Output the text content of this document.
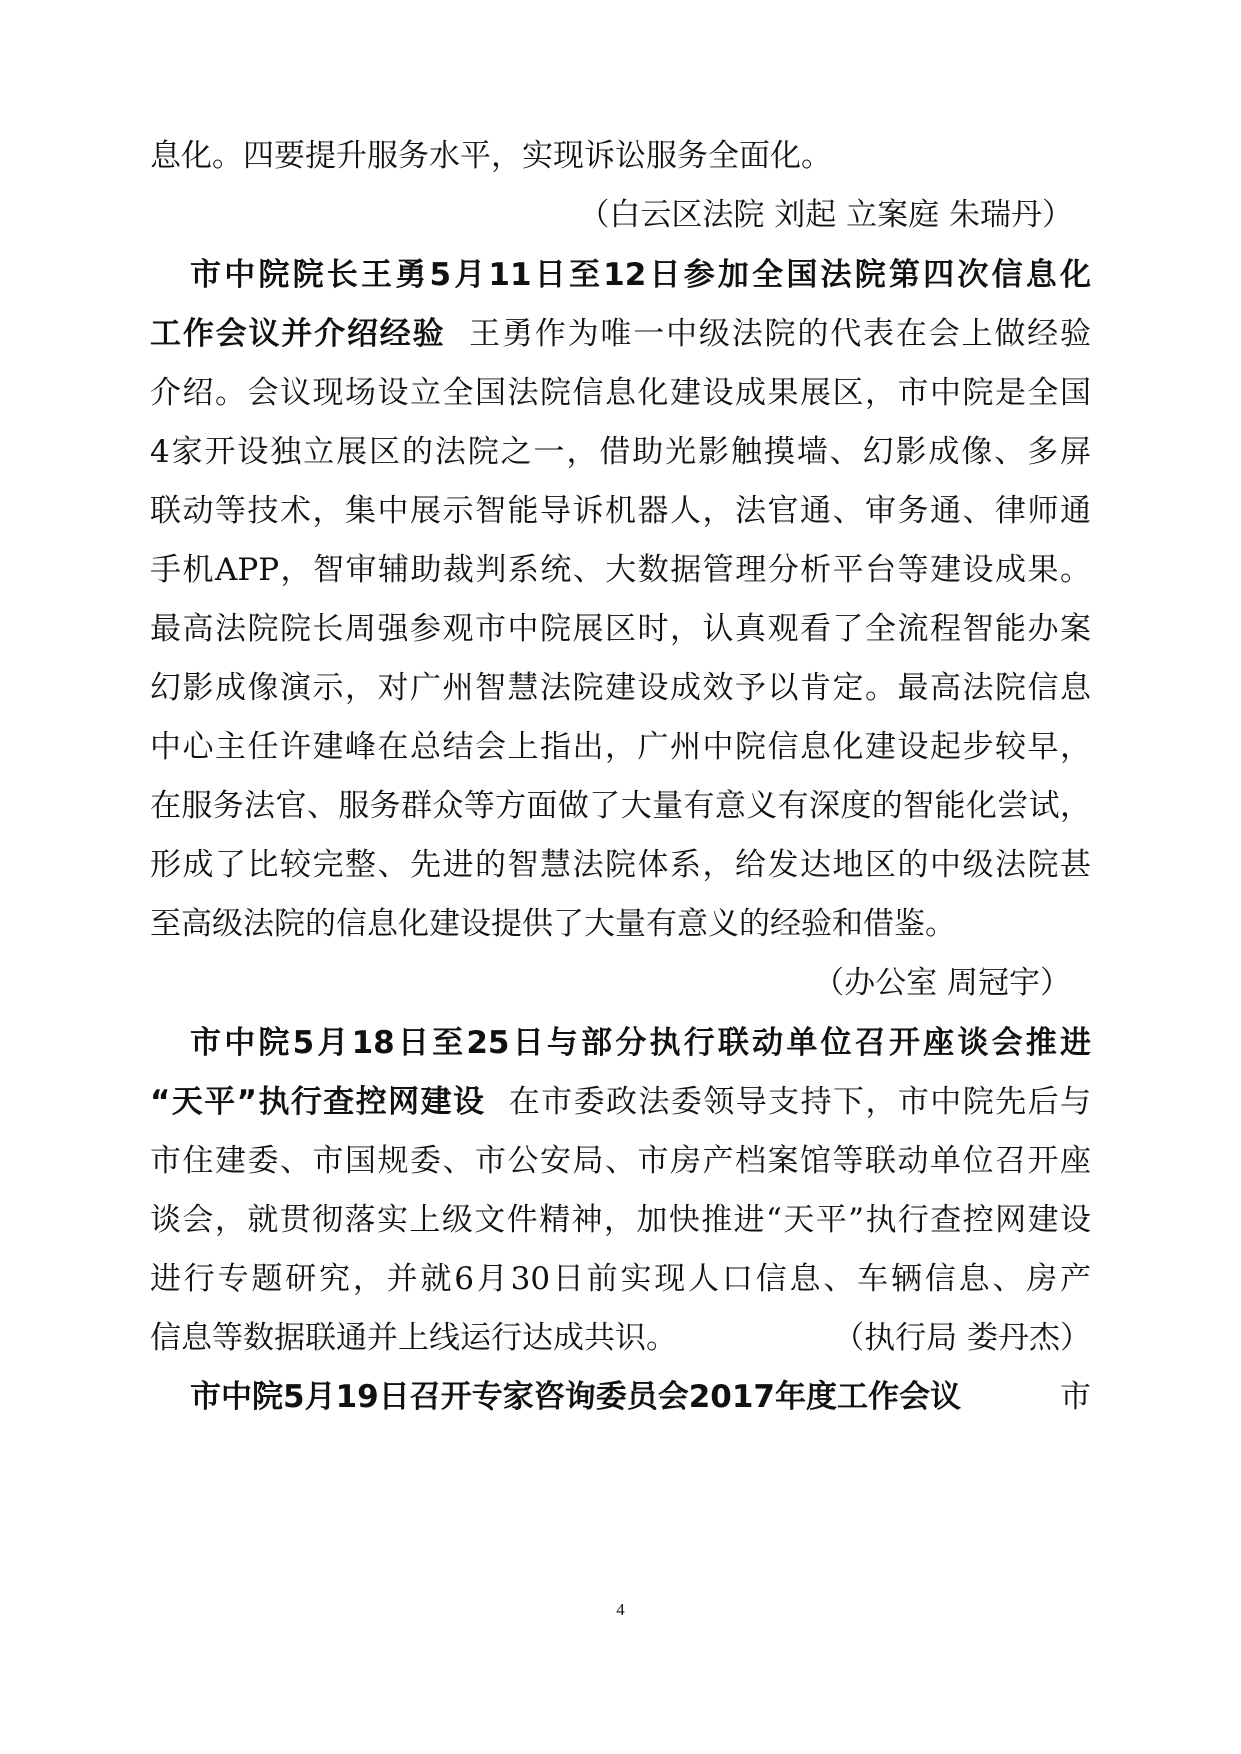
息化。四要提升服务水平，实现诉讼服务全面化。
（白云区法院 刘起 立案庭 朱瑞丹）
市中院院长王勇5月11日至12日参加全国法院第四次信息化
工作会议并介绍经验 王勇作为唯一中级法院的代表在会上做经验
介绍。会议现场设立全国法院信息化建设成果展区，市中院是全国
4家开设独立展区的法院之一，借助光影触摸墙、幻影成像、多屏
联动等技术，集中展示智能导诉机器人，法官通、审务通、律师通
手机APP，智审辅助裁判系统、大数据管理分析平台等建设成果。
最高法院院长周强参观市中院展区时，认真观看了全流程智能办案
幻影成像演示，对广州智慧法院建设成效予以肯定。最高法院信息
中心主任许建峰在总结会上指出，广州中院信息化建设起步较早，
在服务法官、服务群众等方面做了大量有意义有深度的智能化尝试，
形成了比较完整、先进的智慧法院体系，给发达地区的中级法院甚
至高级法院的信息化建设提供了大量有意义的经验和借鉴。
（办公室 周冠宇）
市中院5月18日至25日与部分执行联动单位召开座谈会推进
“天平”执行查控网建设 在市委政法委领导支持下，市中院先后与
市住建委、市国规委、市公安局、市房产档案馆等联动单位召开座
谈会，就贯彻落实上级文件精神，加快推进“天平”执行查控网建设
进行专题研究，并就6月30日前实现人口信息、车辆信息、房产
信息等数据联通并上线运行达成共识。	（执行局 娄丹杰）
市中院5月19日召开专家咨询委员会2017年度工作会议	市
4
